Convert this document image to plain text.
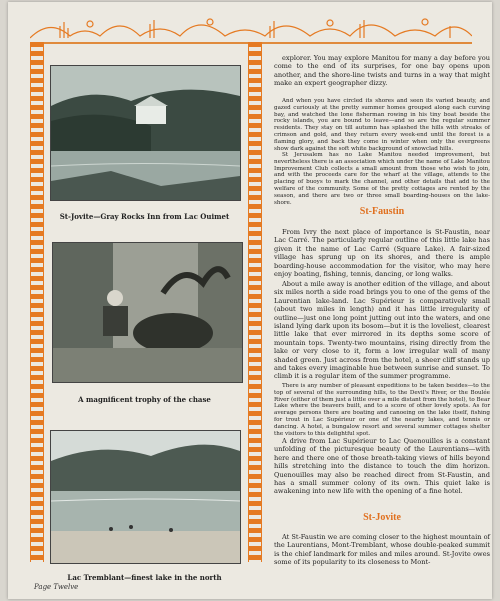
St-Jovite—Gray Rocks Inn from Lac Ouimet
A magnificent trophy of the chase
Lac Tremblant—finest lake in the north

explorer. You may explore Manitou for many a day before you come to the end of its surprises, for one bay opens upon another, and the shore-line twists and turns in a way that might make an expert geographer dizzy.

And when you have circled its shores and seen its varied beauty, and gazed curiously at the pretty summer homes grouped along each curving bay, and watched the lone fisherman rowing in his tiny boat beside the rocky islands, you are bound to leave—and so are the regular summer residents. They stay on till autumn has splashed the hills with streaks of crimson and gold, and they return every week-end until the forest is a flaming glory, and back they come in winter when only the evergreens show dark against the soft white background of snowclad hills.

St Jerusalem has no Lake Manitou needed improvement, but nevertheless there is an association which under the name of Lake Manitou Improvement Club collects a small amount from those who wish to join, and with the proceeds care for the wharf at the village, attends to the placing of buoys to mark the channel, and other details that add to the welfare of the community. Some of the pretty cottages are rented by the season, and there are two or three small boarding-houses on the lake-shore.

St-Faustin

From Ivry the next place of importance is St-Faustin, near Lac Carré. The particularly regular outline of this little lake has given it the name of Lac Carré (Square Lake). A fair-sized village has sprung up on its shores, and there is ample boarding-house accommodation for the visitor, who may here enjoy boating, fishing, tennis, dancing, or long walks.

About a mile away is another edition of the village, and about six miles north a side road brings you to one of the gems of the Laurentian lake-land. Lac Supérieur is comparatively small (about two miles in length) and it has little irregularity of outline—just one long point jutting out into the waters, and one island lying dark upon its bosom—but it is the loveliest, clearest little lake that ever mirrored in its depths some score of mountain tops. Twenty-two mountains, rising directly from the lake or very close to it, form a low irregular wall of many shaded green. Just across from the hotel, a sheer cliff stands up and takes every imaginable hue between sunrise and sunset. To climb it is a regular item of the summer programme.

There is any number of pleasant expeditions to be taken besides—to the top of several of the surrounding hills, to the Devil's River, or the Boulée River (either of them just a little over a mile distant from the hotel), to Bear Lake where the beavers built, and to a score of other lovely spots. As for average persons there are boating and canoeing on the lake itself, fishing for trout in Lac Supérieur or one of the nearby lakes, and tennis or dancing. A hotel, a bungalow resort and several summer cottages shelter the visitors to this delightful spot.

A drive from Lac Supérieur to Lac Quenouilles is a constant unfolding of the picturesque beauty of the Laurentians—with here and there one of those breath-taking views of hills beyond hills stretching into the distance to touch the dim horizon. Quenouilles may also be reached direct from St-Faustin, and has a small summer colony of its own. This quiet lake is awakening into new life with the opening of a fine hotel.

St-Jovite

At St-Faustin we are coming closer to the highest mountain of the Laurentians, Mont-Tremblant, whose double-peaked summit is the chief landmark for miles and miles around. St-Jovite owes some of its popularity to its closeness to Mont-

Page Twelve
